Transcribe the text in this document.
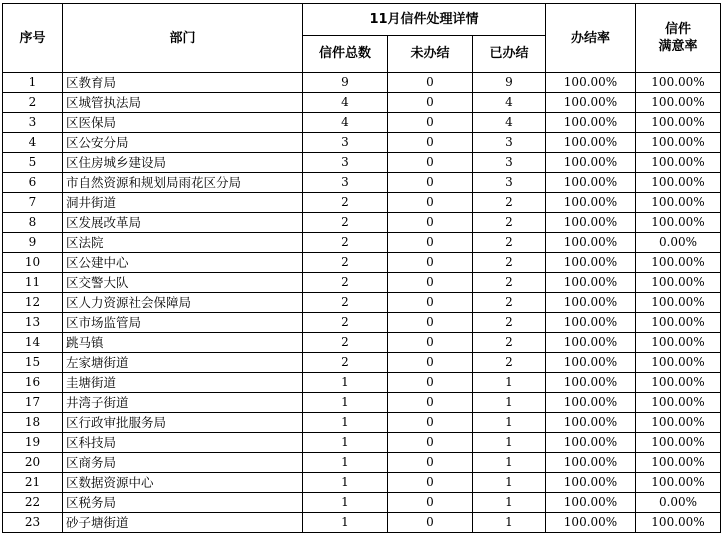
序号	部门	11月信件处理详情			办结率	信件
满意率
		信件总数	未办结	已办结		
1	区教育局	9	0	9	100.00%	100.00%
2	区城管执法局	4	0	4	100.00%	100.00%
3	区医保局	4	0	4	100.00%	100.00%
4	区公安分局	3	0	3	100.00%	100.00%
5	区住房城乡建设局	3	0	3	100.00%	100.00%
6	市自然资源和规划局雨花区分局	3	0	3	100.00%	100.00%
7	洞井街道	2	0	2	100.00%	100.00%
8	区发展改革局	2	0	2	100.00%	100.00%
9	区法院	2	0	2	100.00%	0.00%
10	区公建中心	2	0	2	100.00%	100.00%
11	区交警大队	2	0	2	100.00%	100.00%
12	区人力资源社会保障局	2	0	2	100.00%	100.00%
13	区市场监管局	2	0	2	100.00%	100.00%
14	跳马镇	2	0	2	100.00%	100.00%
15	左家塘街道	2	0	2	100.00%	100.00%
16	圭塘街道	1	0	1	100.00%	100.00%
17	井湾子街道	1	0	1	100.00%	100.00%
18	区行政审批服务局	1	0	1	100.00%	100.00%
19	区科技局	1	0	1	100.00%	100.00%
20	区商务局	1	0	1	100.00%	100.00%
21	区数据资源中心	1	0	1	100.00%	100.00%
22	区税务局	1	0	1	100.00%	0.00%
23	砂子塘街道	1	0	1	100.00%	100.00%
